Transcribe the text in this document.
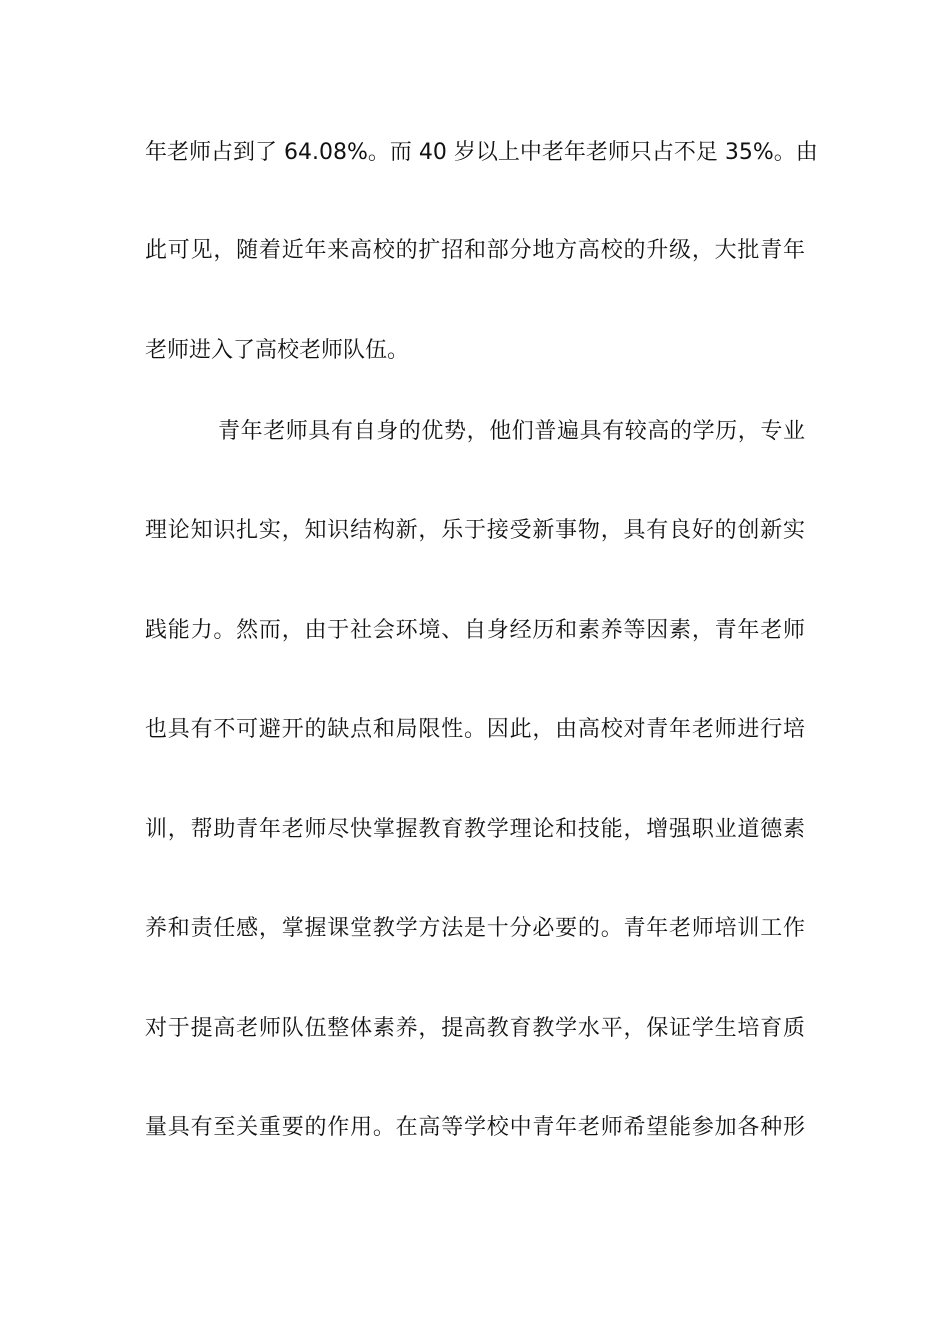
年老师占到了 64.08%。而 40 岁以上中老年老师只占不足 35%。由
此可见，随着近年来高校的扩招和部分地方高校的升级，大批青年
老师进入了高校老师队伍。
青年老师具有自身的优势，他们普遍具有较高的学历，专业
理论知识扎实，知识结构新，乐于接受新事物，具有良好的创新实
践能力。然而，由于社会环境、自身经历和素养等因素，青年老师
也具有不可避开的缺点和局限性。因此，由高校对青年老师进行培
训，帮助青年老师尽快掌握教育教学理论和技能，增强职业道德素
养和责任感，掌握课堂教学方法是十分必要的。青年老师培训工作
对于提高老师队伍整体素养，提高教育教学水平，保证学生培育质
量具有至关重要的作用。在高等学校中青年老师希望能参加各种形
